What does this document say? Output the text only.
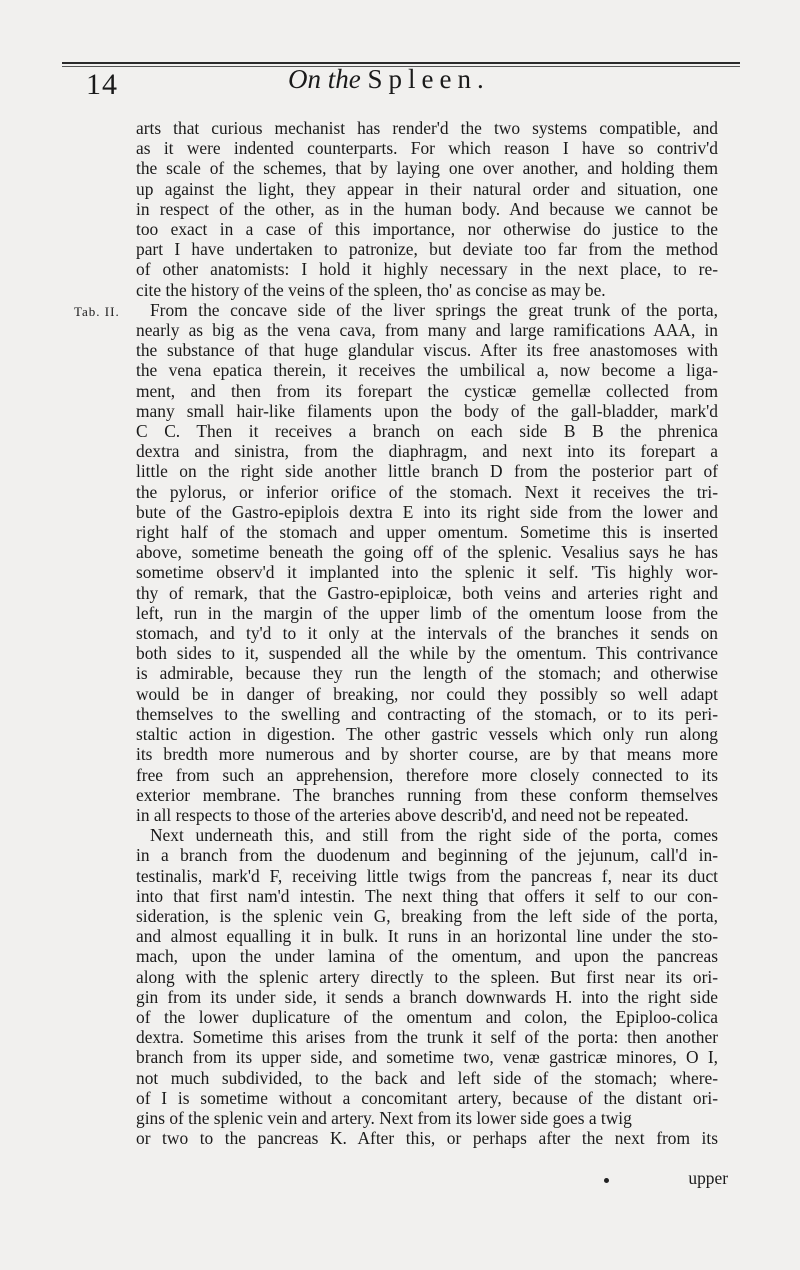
14	On the Spleen.
Tab. II.
arts that curious mechanist has render'd the two systems compatible, and
as it were indented counterparts. For which reason I have so contriv'd
the scale of the schemes, that by laying one over another, and holding them
up against the light, they appear in their natural order and situation, one
in respect of the other, as in the human body. And because we cannot be
too exact in a case of this importance, nor otherwise do justice to the
part I have undertaken to patronize, but deviate too far from the method
of other anatomists: I hold it highly necessary in the next place, to re-
cite the history of the veins of the spleen, tho' as concise as may be.
From the concave side of the liver springs the great trunk of the porta,
nearly as big as the vena cava, from many and large ramifications AAA, in
the substance of that huge glandular viscus. After its free anastomoses with
the vena epatica therein, it receives the umbilical a, now become a liga-
ment, and then from its forepart the cysticæ gemellæ collected from
many small hair-like filaments upon the body of the gall-bladder, mark'd
C C. Then it receives a branch on each side B B the phrenica
dextra and sinistra, from the diaphragm, and next into its forepart a
little on the right side another little branch D from the posterior part of
the pylorus, or inferior orifice of the stomach. Next it receives the tri-
bute of the Gastro-epiplois dextra E into its right side from the lower and
right half of the stomach and upper omentum. Sometime this is inserted
above, sometime beneath the going off of the splenic. Vesalius says he has
sometime observ'd it implanted into the splenic it self. 'Tis highly wor-
thy of remark, that the Gastro-epiploicæ, both veins and arteries right and
left, run in the margin of the upper limb of the omentum loose from the
stomach, and ty'd to it only at the intervals of the branches it sends on
both sides to it, suspended all the while by the omentum. This contrivance
is admirable, because they run the length of the stomach; and otherwise
would be in danger of breaking, nor could they possibly so well adapt
themselves to the swelling and contracting of the stomach, or to its peri-
staltic action in digestion. The other gastric vessels which only run along
its bredth more numerous and by shorter course, are by that means more
free from such an apprehension, therefore more closely connected to its
exterior membrane. The branches running from these conform themselves
in all respects to those of the arteries above describ'd, and need not be repeated.
Next underneath this, and still from the right side of the porta, comes
in a branch from the duodenum and beginning of the jejunum, call'd in-
testinalis, mark'd F, receiving little twigs from the pancreas f, near its duct
into that first nam'd intestin. The next thing that offers it self to our con-
sideration, is the splenic vein G, breaking from the left side of the porta,
and almost equalling it in bulk. It runs in an horizontal line under the sto-
mach, upon the under lamina of the omentum, and upon the pancreas
along with the splenic artery directly to the spleen. But first near its ori-
gin from its under side, it sends a branch downwards H. into the right side
of the lower duplicature of the omentum and colon, the Epiploo-colica
dextra. Sometime this arises from the trunk it self of the porta: then another
branch from its upper side, and sometime two, venæ gastricæ minores, O I,
not much subdivided, to the back and left side of the stomach; where-
of I is sometime without a concomitant artery, because of the distant ori-
gins of the splenic vein and artery. Next from its lower side goes a twig
or two to the pancreas K. After this, or perhaps after the next from its
upper
